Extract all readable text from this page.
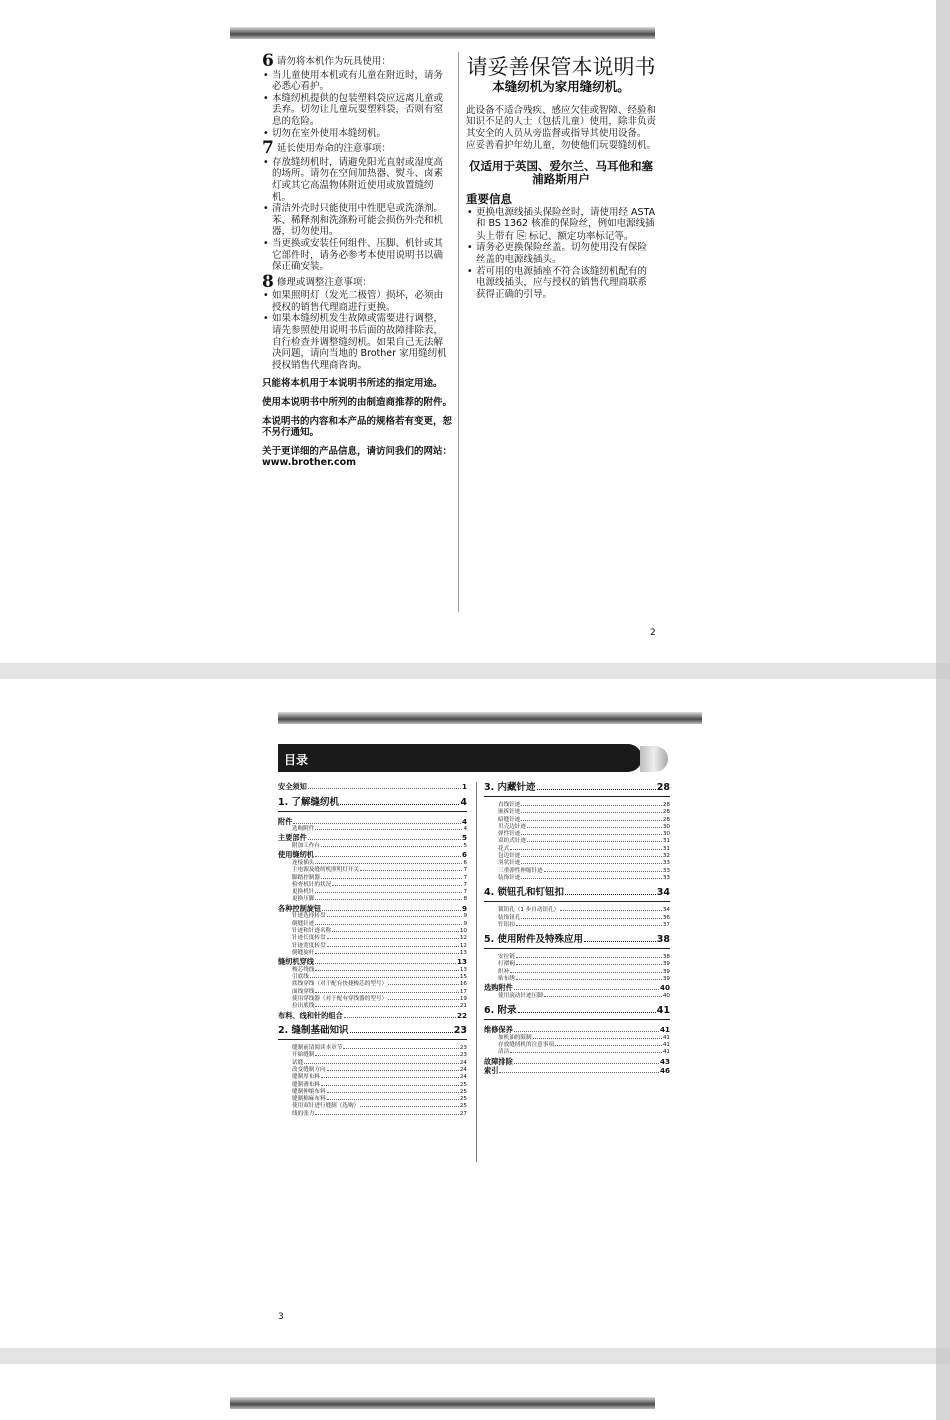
6 请勿将本机作为玩具使用：
• 当儿童使用本机或有儿童在附近时，请务必悉心看护。
• 本缝纫机提供的包装塑料袋应远离儿童或丢弃。切勿让儿童玩耍塑料袋，否则有窒息的危险。
• 切勿在室外使用本缝纫机。
7 延长使用寿命的注意事项：
• 存放缝纫机时，请避免阳光直射或湿度高的场所。请勿在空间加热器、熨斗、卤素灯或其它高温物体附近使用或放置缝纫机。
• 清洁外壳时只能使用中性肥皂或洗涤剂。苯、稀释剂和洗涤粉可能会损伤外壳和机器，切勿使用。
• 当更换或安装任何组件、压脚、机针或其它部件时，请务必参考本使用说明书以确保正确安装。
8 修理或调整注意事项：
• 如果照明灯（发光二极管）损坏，必须由授权的销售代理商进行更换。
• 如果本缝纫机发生故障或需要进行调整，请先参照使用说明书后面的故障排除表，自行检查并调整缝纫机。如果自己无法解决问题，请向当地的 Brother 家用缝纫机授权销售代理商咨询。

只能将本机用于本说明书所述的指定用途。

使用本说明书中所列的由制造商推荐的附件。

本说明书的内容和本产品的规格若有变更，恕不另行通知。

关于更详细的产品信息，请访问我们的网站：www.brother.com

请妥善保管本说明书
本缝纫机为家用缝纫机。

此设备不适合残疾、感应欠佳或智障、经验和知识不足的人士（包括儿童）使用，除非负责其安全的人员从旁监督或指导其使用设备。

应妥善看护年幼儿童，勿使他们玩耍缝纫机。

仅适用于英国、爱尔兰、马耳他和塞浦路斯用户
重要信息
• 更换电源线插头保险丝时，请使用经 ASTA 和 BS 1362 核准的保险丝，例如电源线插头上带有 ⎘ 标记、额定功率标记等。
• 请务必更换保险丝盖。切勿使用没有保险丝盖的电源线插头。
• 若可用的电源插座不符合该缝纫机配有的电源线插头，应与授权的销售代理商联系获得正确的引导。
2
目录
安全须知	1
1. 了解缝纫机	4
附件	4
选购附件	4
主要部件	5
附加工作台	5
使用缝纫机	6
连接插头	6
主电源及缝纫机照明灯开关	7
脚踏控制器	7
检查机针的状况	7
更换机针	7
更换压脚	8
各种控制旋钮	9
针迹选择转盘	9
倒缝针迹	9
针迹和针迹名称	10
针迹长度转盘	12
针迹宽度转盘	12
倒缝旋杆	13
缝纫机穿线	13
梭芯绕线	13
引底线	15
底线穿线（对于配有快捷梭芯的型号）	16
面线穿线	17
使用穿线器（对于配有穿线器的型号）	19
拉出底线	21
布料、线和针的组合	22
2. 缝制基础知识	23
缝制前请阅读本章节	23
开始缝制	23
试缝	24
改变缝制方向	24
缝制厚布料	24
缝制薄布料	25
缝制伸缩布料	25
缝制棉麻布料	25
使用双针进行缝制（选购）	25
线的张力	27
3. 内藏针迹	28
直线针迹	28
嵌拆针迹	28
暗缝针迹	28
贝壳边针迹	30
弹性针迹	30
双纺式针迹	31
花式	31
包边针迹	32
羽状针迹	33
三重弹性伸缩针迹	33
装饰针迹	33
4. 锁钮孔和钉钮扣	34
锁钮孔（1 步自动钮孔）	34
装饰钮孔	36
钉钮扣	37
5. 使用附件及特殊应用	38
安拉链	38
打褶裥	39
织补	39
贴布绣	39
选购附件	40
使用滚动针迹压脚	40
6. 附录	41
维修保养	41
加机油的限制	41
存放缝纫机的注意事项	41
清洁	41
故障排除	43
索引	46
3
